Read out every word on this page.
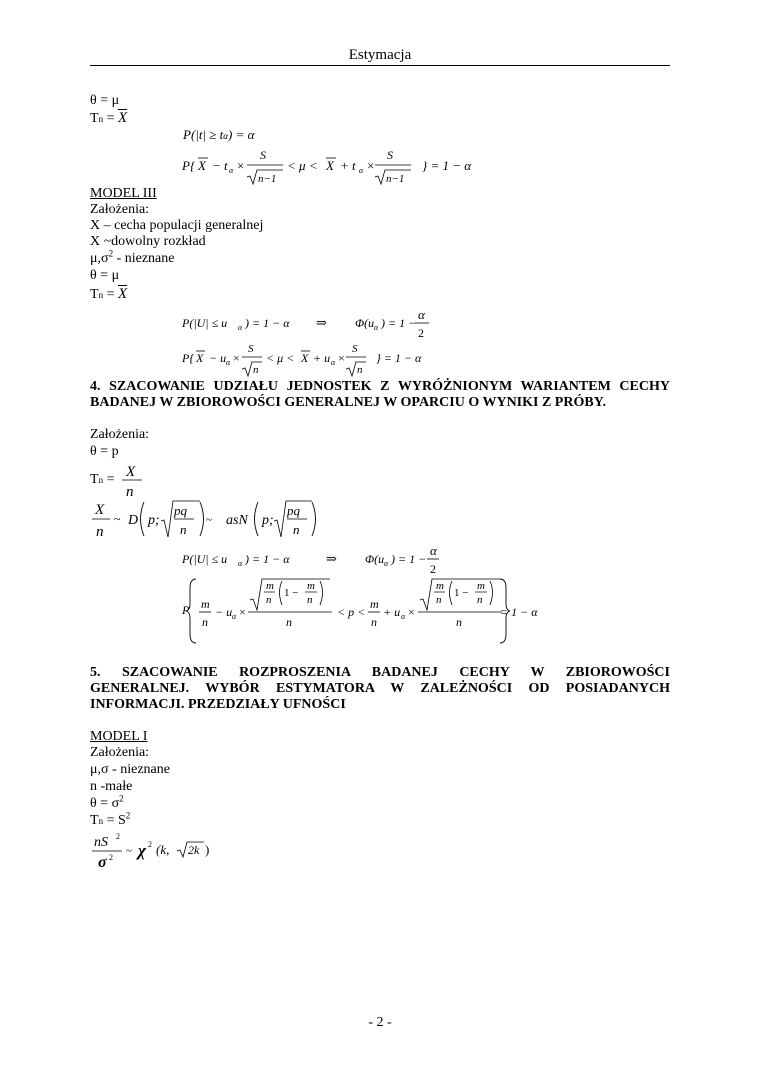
Estymacja
θ = μ
$Tn = \overline{X}$
P(|t| ≥ tα) = α
P{ X − t α ×
S
n−1
< μ < X + t α ×
S
n−1
} = 1 − α
MODEL III
Założenia:
X – cecha populacji generalnej
X ~dowolny rozkład
$\mu,\sigma^2$ - nieznane
θ = μ
$Tn = \overline{X}$
P(|U| ≤ u α ) = 1 − α ⇒ Φ(u α ) = 1 −
α
2
P{ X − u α ×
S
n
< μ < X + u α ×
S
n
} = 1 − α
4. SZACOWANIE UDZIAŁU JEDNOSTEK Z WYRÓŻNIONYM WARIANTEM CECHY
BADANEJ W ZBIOROWOŚCI GENERALNEJ W OPARCIU O WYNIKI Z PRÓBY.
Założenia:
θ = p
Tn = X
n
X
n
~ D p;
pq
n
~ asN p;
pq
n
P(|U| ≤ u α ) = 1 − α	⇒ Φ(u α ) = 1 −
α
2
P m
n
− u α ×
m
n
1 −
m
n
n
< p <
m
n
+ u α ×
m
n
1 −
m
n
n
= 1 − α
5. SZACOWANIE ROZPROSZENIA BADANEJ CECHY W ZBIOROWOŚCI
GENERALNEJ. WYBÓR ESTYMATORA W ZALEŻNOŚCI OD POSIADANYCH
INFORMACJI. PRZEDZIAŁY UFNOŚCI
MODEL I
Założenia:
μ,σ - nieznane
n -małe
$\theta = \sigma^2$
$Tn = S^2$
nS 2
σ 2
~ χ 2 (k, 2k )
- 2 -
